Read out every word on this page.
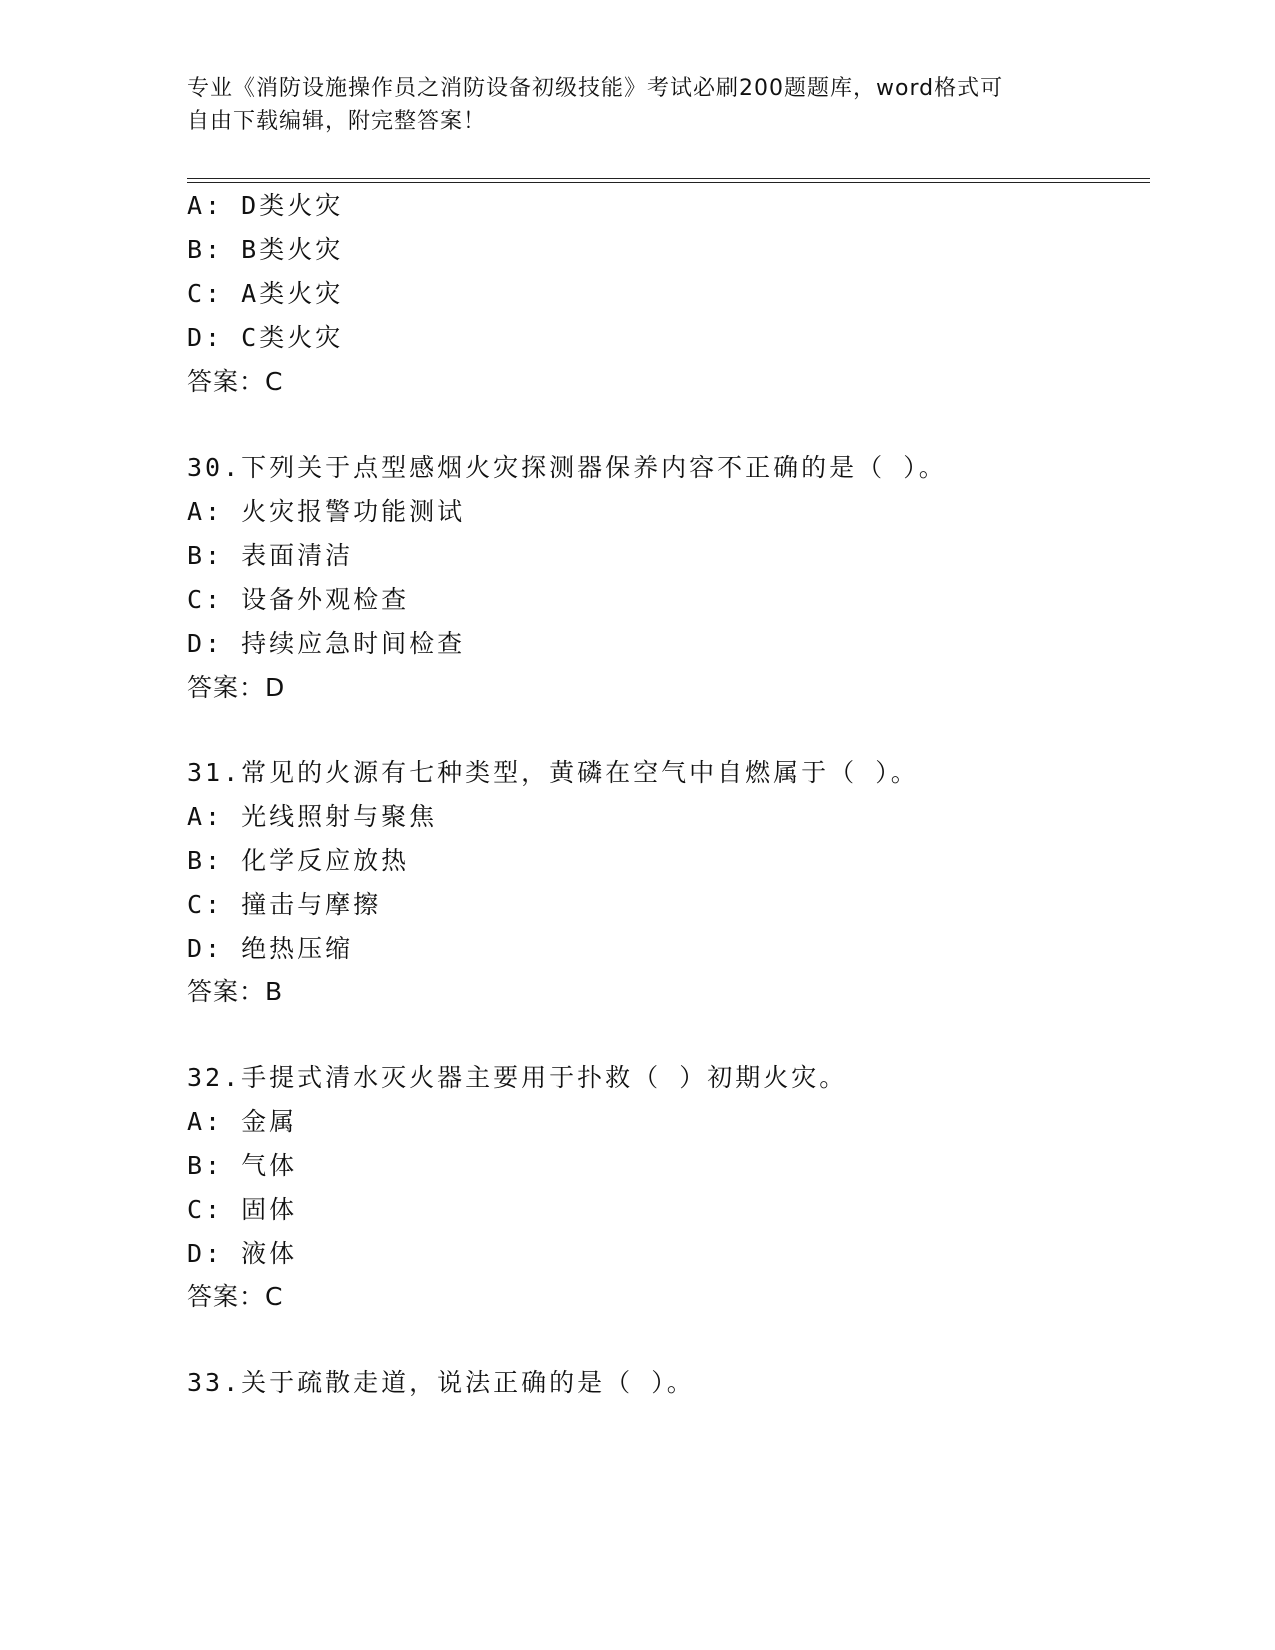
专业《消防设施操作员之消防设备初级技能》考试必刷200题题库，word格式可
自由下载编辑，附完整答案！
A: D类火灾
B: B类火灾
C: A类火灾
D: C类火灾
答案：C
30.下列关于点型感烟火灾探测器保养内容不正确的是（ ）。
A: 火灾报警功能测试
B: 表面清洁
C: 设备外观检查
D: 持续应急时间检查
答案：D
31.常见的火源有七种类型，黄磷在空气中自燃属于（ ）。
A: 光线照射与聚焦
B: 化学反应放热
C: 撞击与摩擦
D: 绝热压缩
答案：B
32.手提式清水灭火器主要用于扑救（ ）初期火灾。
A: 金属
B: 气体
C: 固体
D: 液体
答案：C
33.关于疏散走道，说法正确的是（ ）。
